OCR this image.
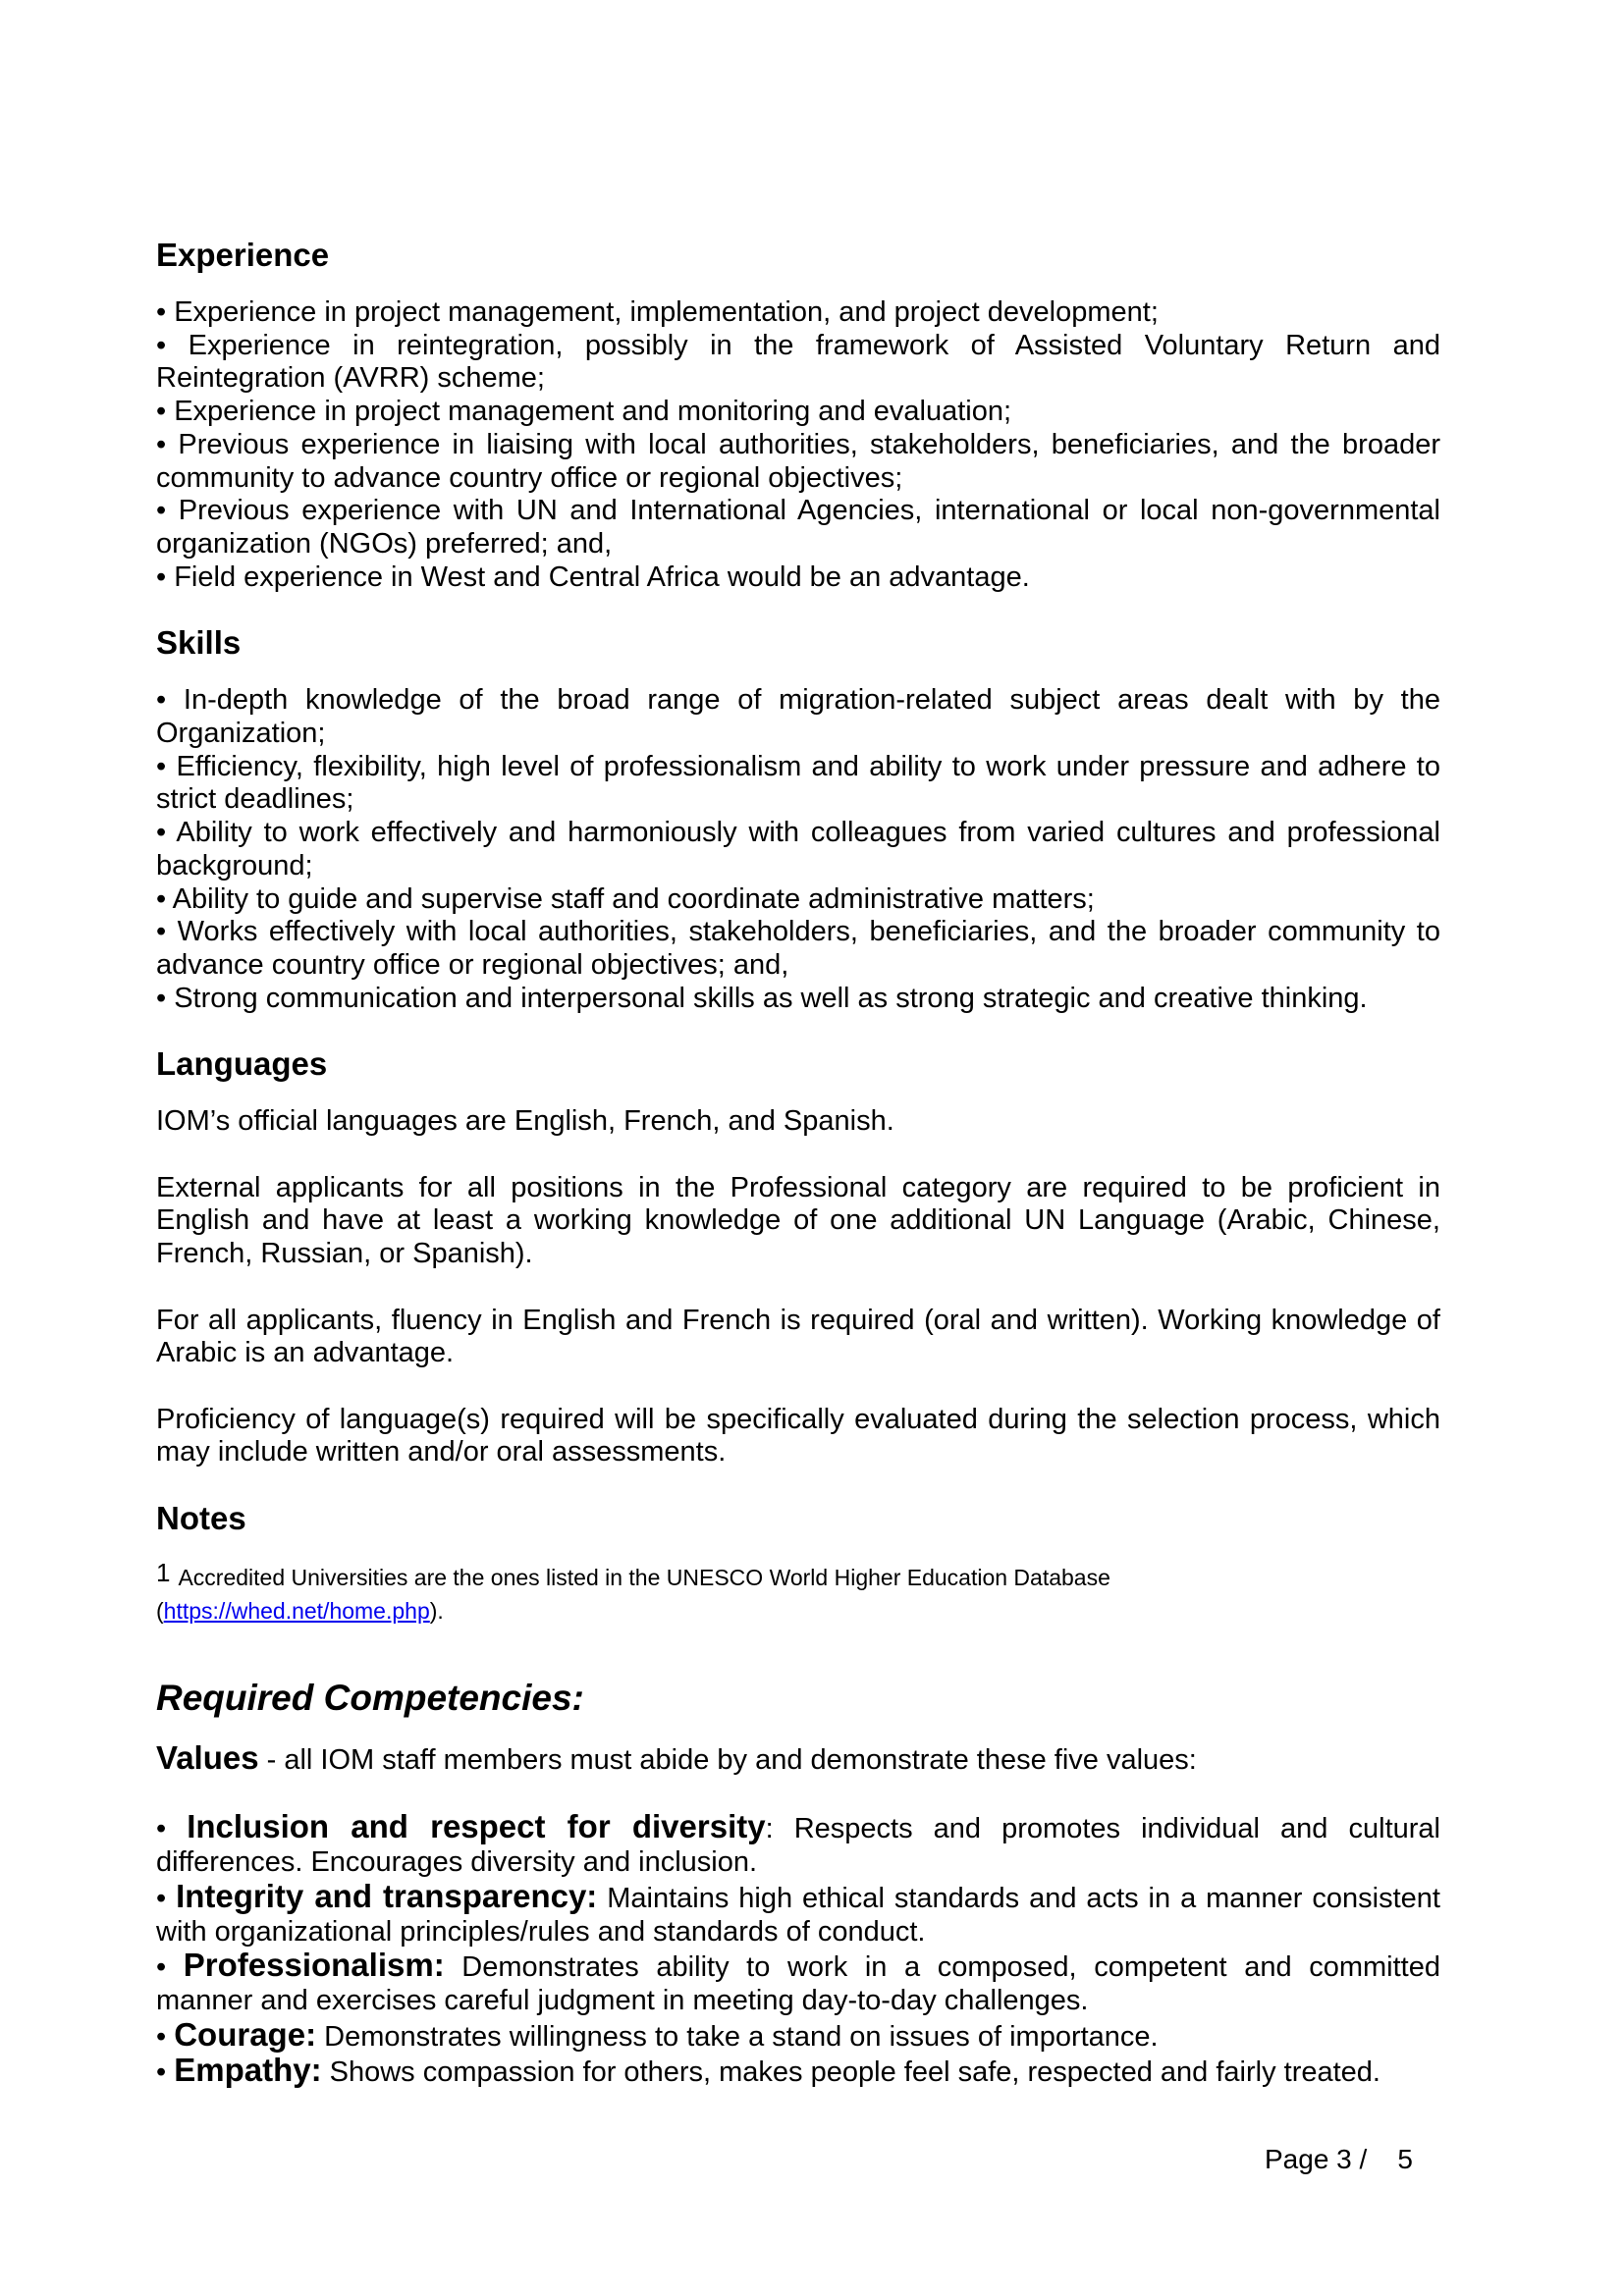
Experience

• Experience in project management, implementation, and project development;

• Experience in reintegration, possibly in the framework of Assisted Voluntary Return and Reintegration (AVRR) scheme;

• Experience in project management and monitoring and evaluation;

• Previous experience in liaising with local authorities, stakeholders, beneficiaries, and the broader community to advance country office or regional objectives;

• Previous experience with UN and International Agencies, international or local non-governmental organization (NGOs) preferred; and,

• Field experience in West and Central Africa would be an advantage.

Skills

• In-depth knowledge of the broad range of migration-related subject areas dealt with by the Organization;

• Efficiency, flexibility, high level of professionalism and ability to work under pressure and adhere to strict deadlines;

• Ability to work effectively and harmoniously with colleagues from varied cultures and professional background;

• Ability to guide and supervise staff and coordinate administrative matters;

• Works effectively with local authorities, stakeholders, beneficiaries, and the broader community to advance country office or regional objectives; and,

• Strong communication and interpersonal skills as well as strong strategic and creative thinking.

Languages

IOM’s official languages are English, French, and Spanish.

External applicants for all positions in the Professional category are required to be proficient in English and have at least a working knowledge of one additional UN Language (Arabic, Chinese, French, Russian, or Spanish).

For all applicants, fluency in English and French is required (oral and written). Working knowledge of Arabic is an advantage.

Proficiency of language(s) required will be specifically evaluated during the selection process, which may include written and/or oral assessments.

Notes

$^1$ Accredited Universities are the ones listed in the UNESCO World Higher Education Database

(https://whed.net/home.php).

Required Competencies:

Values - all IOM staff members must abide by and demonstrate these five values:

• Inclusion and respect for diversity: Respects and promotes individual and cultural differences. Encourages diversity and inclusion.

• Integrity and transparency: Maintains high ethical standards and acts in a manner consistent with organizational principles/rules and standards of conduct.

• Professionalism: Demonstrates ability to work in a composed, competent and committed manner and exercises careful judgment in meeting day-to-day challenges.

• Courage: Demonstrates willingness to take a stand on issues of importance.

• Empathy: Shows compassion for others, makes people feel safe, respected and fairly treated.

Page 3 /    5
